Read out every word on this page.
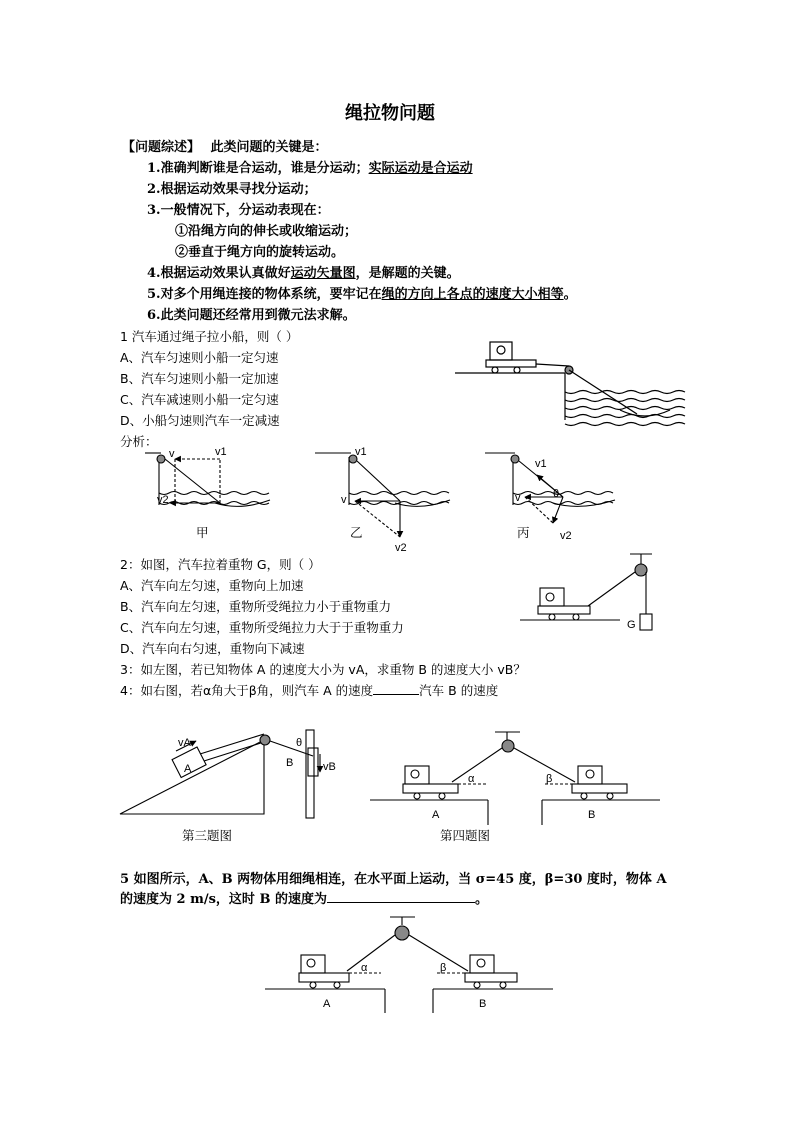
绳拉物问题
【问题综述】 此类问题的关键是：
1.准确判断谁是合运动，谁是分运动；实际运动是合运动
2.根据运动效果寻找分运动；
3.一般情况下，分运动表现在：
①沿绳方向的伸长或收缩运动；
②垂直于绳方向的旋转运动。
4.根据运动效果认真做好运动矢量图，是解题的关键。
5.对多个用绳连接的物体系统，要牢记在绳的方向上各点的速度大小相等。
6.此类问题还经常用到微元法求解。
1 汽车通过绳子拉小船，则（ ）
A、汽车匀速则小船一定匀速
B、汽车匀速则小船一定加速
C、汽车减速则小船一定匀速
D、小船匀速则汽车一定减速
分析：
v	v1
v2
甲
v1
v
v2
乙
v1
v	θ
v2
丙
2：如图，汽车拉着重物 G，则（ ）
A、汽车向左匀速，重物向上加速
B、汽车向左匀速，重物所受绳拉力小于重物重力
C、汽车向左匀速，重物所受绳拉力大于于重物重力
D、汽车向右匀速，重物向下减速
G
3：如左图，若已知物体 A 的速度大小为 vA，求重物 B 的速度大小 vB？
4：如右图，若α角大于β角，则汽车 A 的速度	汽车 B 的速度
A
vA
B	vB
θ
第三题图
α	β
A	B
第四题图
5 如图所示，A、B 两物体用细绳相连，在水平面上运动，当 σ=45 度，β=30 度时，物体 A
的速度为 2 m/s，这时 B 的速度为	。
α	β
A	B
